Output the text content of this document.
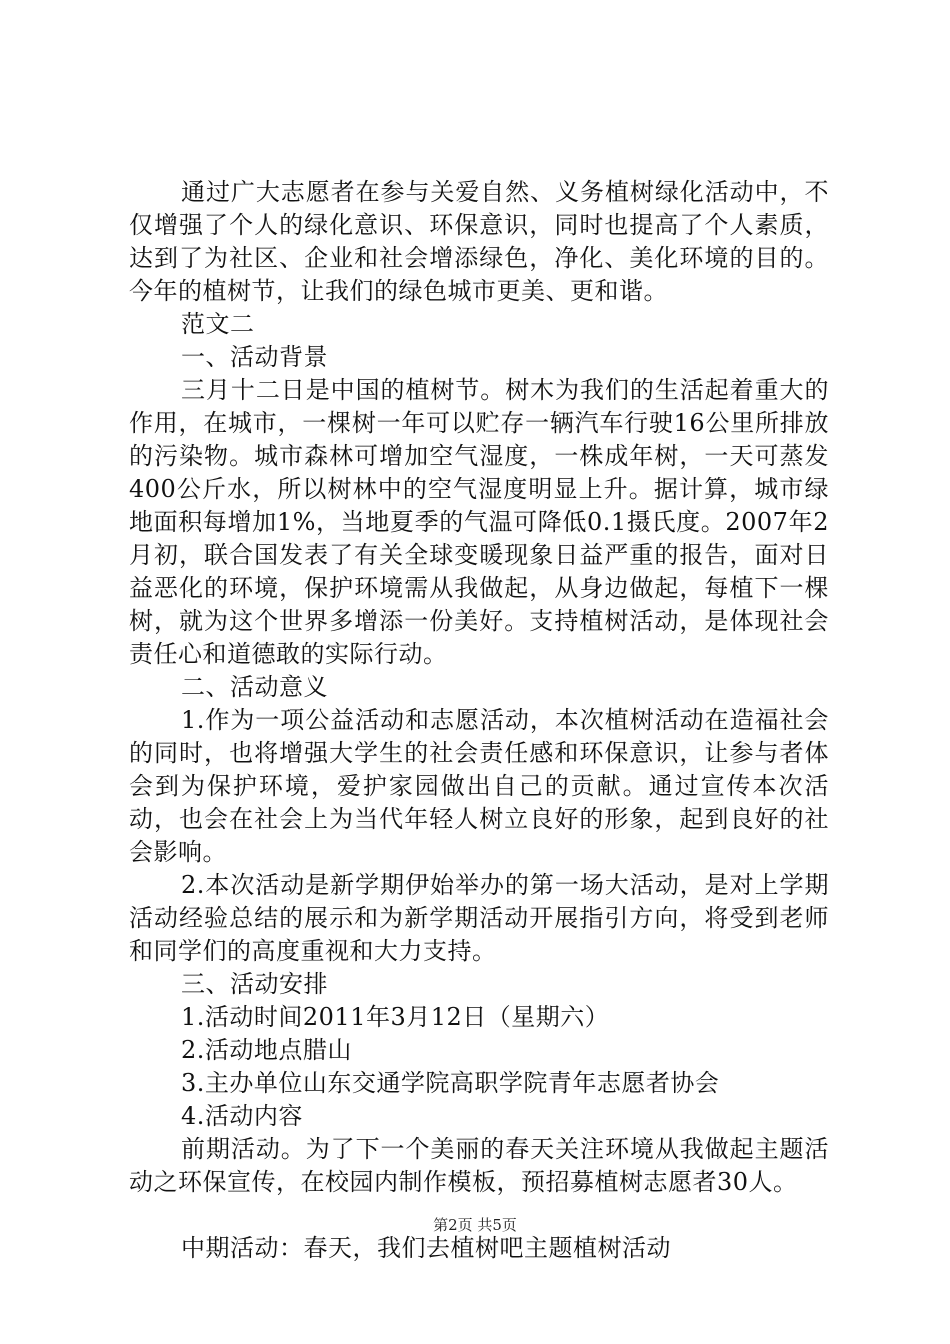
通过广大志愿者在参与关爱自然、义务植树绿化活动中，不仅增强了个人的绿化意识、环保意识，同时也提高了个人素质，达到了为社区、企业和社会增添绿色，净化、美化环境的目的。今年的植树节，让我们的绿色城市更美、更和谐。

范文二

一、活动背景

三月十二日是中国的植树节。树木为我们的生活起着重大的作用，在城市，一棵树一年可以贮存一辆汽车行驶16公里所排放的污染物。城市森林可增加空气湿度，一株成年树，一天可蒸发400公斤水，所以树林中的空气湿度明显上升。据计算，城市绿地面积每增加1%，当地夏季的气温可降低0.1摄氏度。2007年2月初，联合国发表了有关全球变暖现象日益严重的报告，面对日益恶化的环境，保护环境需从我做起，从身边做起，每植下一棵树，就为这个世界多增添一份美好。支持植树活动，是体现社会责任心和道德敢的实际行动。

二、活动意义

1.作为一项公益活动和志愿活动，本次植树活动在造福社会的同时，也将增强大学生的社会责任感和环保意识，让参与者体会到为保护环境，爱护家园做出自己的贡献。通过宣传本次活动，也会在社会上为当代年轻人树立良好的形象，起到良好的社会影响。

2.本次活动是新学期伊始举办的第一场大活动，是对上学期活动经验总结的展示和为新学期活动开展指引方向，将受到老师和同学们的高度重视和大力支持。

三、活动安排

1.活动时间2011年3月12日（星期六）

2.活动地点腊山

3.主办单位山东交通学院高职学院青年志愿者协会

4.活动内容

前期活动。为了下一个美丽的春天关注环境从我做起主题活动之环保宣传，在校园内制作模板，预招募植树志愿者30人。

中期活动：春天，我们去植树吧主题植树活动

第2页 共5页
